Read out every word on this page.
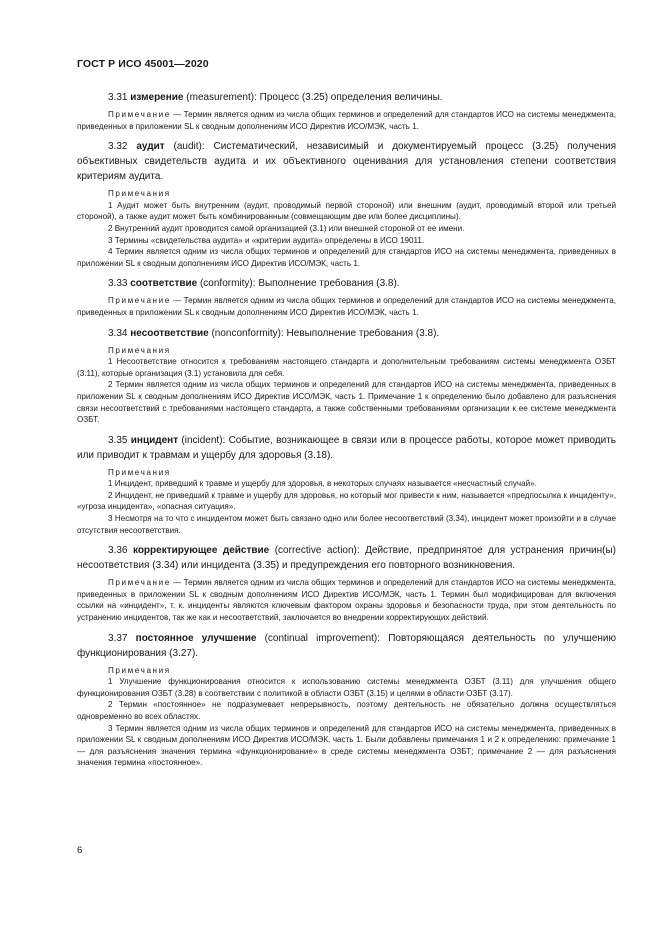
ГОСТ Р ИСО 45001—2020

3.31 измерение (measurement): Процесс (3.25) определения величины.

Примечание — Термин является одним из числа общих терминов и определений для стандартов ИСО на системы менеджмента, приведенных в приложении SL к сводным дополнениям ИСО Директив ИСО/МЭК, часть 1.

3.32 аудит (audit): Систематический, независимый и документируемый процесс (3.25) получения объективных свидетельств аудита и их объективного оценивания для установления степени соответствия критериям аудита.

Примечания

1 Аудит может быть внутренним (аудит, проводимый первой стороной) или внешним (аудит, проводимый второй или третьей стороной), а также аудит может быть комбинированным (совмещающим две или более дисциплины).

2 Внутренний аудит проводится самой организацией (3.1) или внешней стороной от ее имени.

3 Термины «свидетельства аудита» и «критерии аудита» определены в ИСО 19011.

4 Термин является одним из числа общих терминов и определений для стандартов ИСО на системы менеджмента, приведенных в приложении SL к сводным дополнениям ИСО Директив ИСО/МЭК, часть 1.

3.33 соответствие (conformity): Выполнение требования (3.8).

Примечание — Термин является одним из числа общих терминов и определений для стандартов ИСО на системы менеджмента, приведенных в приложении SL к сводным дополнениям ИСО Директив ИСО/МЭК, часть 1.

3.34 несоответствие (nonconformity): Невыполнение требования (3.8).

Примечания

1 Несоответствие относится к требованиям настоящего стандарта и дополнительным требованиям системы менеджмента ОЗБТ (3.11), которые организация (3.1) установила для себя.

2 Термин является одним из числа общих терминов и определений для стандартов ИСО на системы менеджмента, приведенных в приложении SL к сводным дополнениям ИСО Директив ИСО/МЭК, часть 1. Примечание 1 к определению было добавлено для разъяснения связи несоответствий с требованиями настоящего стандарта, а также собственными требованиями организации к ее системе менеджмента ОЗБТ.

3.35 инцидент (incident): Событие, возникающее в связи или в процессе работы, которое может приводить или приводит к травмам и ущербу для здоровья (3.18).

Примечания

1 Инцидент, приведший к травме и ущербу для здоровья, в некоторых случаях называется «несчастный случай».

2 Инцидент, не приведший к травме и ущербу для здоровья, но который мог привести к ним, называется «предпосылка к инциденту», «угроза инцидента», «опасная ситуация».

3 Несмотря на то что с инцидентом может быть связано одно или более несоответствий (3.34), инцидент может произойти и в случае отсутствия несоответствия.

3.36 корректирующее действие (corrective action): Действие, предпринятое для устранения причин(ы) несоответствия (3.34) или инцидента (3.35) и предупреждения его повторного возникновения.

Примечание — Термин является одним из числа общих терминов и определений для стандартов ИСО на системы менеджмента, приведенных в приложении SL к сводным дополнениям ИСО Директив ИСО/МЭК, часть 1. Термин был модифицирован для включения ссылки на «инцидент», т. к. инциденты являются ключевым фактором охраны здоровья и безопасности труда, при этом деятельность по устранению инцидентов, так же как и несоответствий, заключается во внедрении корректирующих действий.

3.37 постоянное улучшение (continual improvement): Повторяющаяся деятельность по улучшению функционирования (3.27).

Примечания

1 Улучшение функционирования относится к использованию системы менеджмента ОЗБТ (3.11) для улучшения общего функционирования ОЗБТ (3.28) в соответствии с политикой в области ОЗБТ (3.15) и целями в области ОЗБТ (3.17).

2 Термин «постоянное» не подразумевает непрерывность, поэтому деятельность не обязательно должна осуществляться одновременно во всех областях.

3 Термин является одним из числа общих терминов и определений для стандартов ИСО на системы менеджмента, приведенных в приложении SL к сводным дополнениям ИСО Директив ИСО/МЭК, часть 1. Были добавлены примечания 1 и 2 к определению: примечание 1 — для разъяснения значения термина «функционирование» в среде системы менеджмента ОЗБТ; примечание 2 — для разъяснения значения термина «постоянное».

6
